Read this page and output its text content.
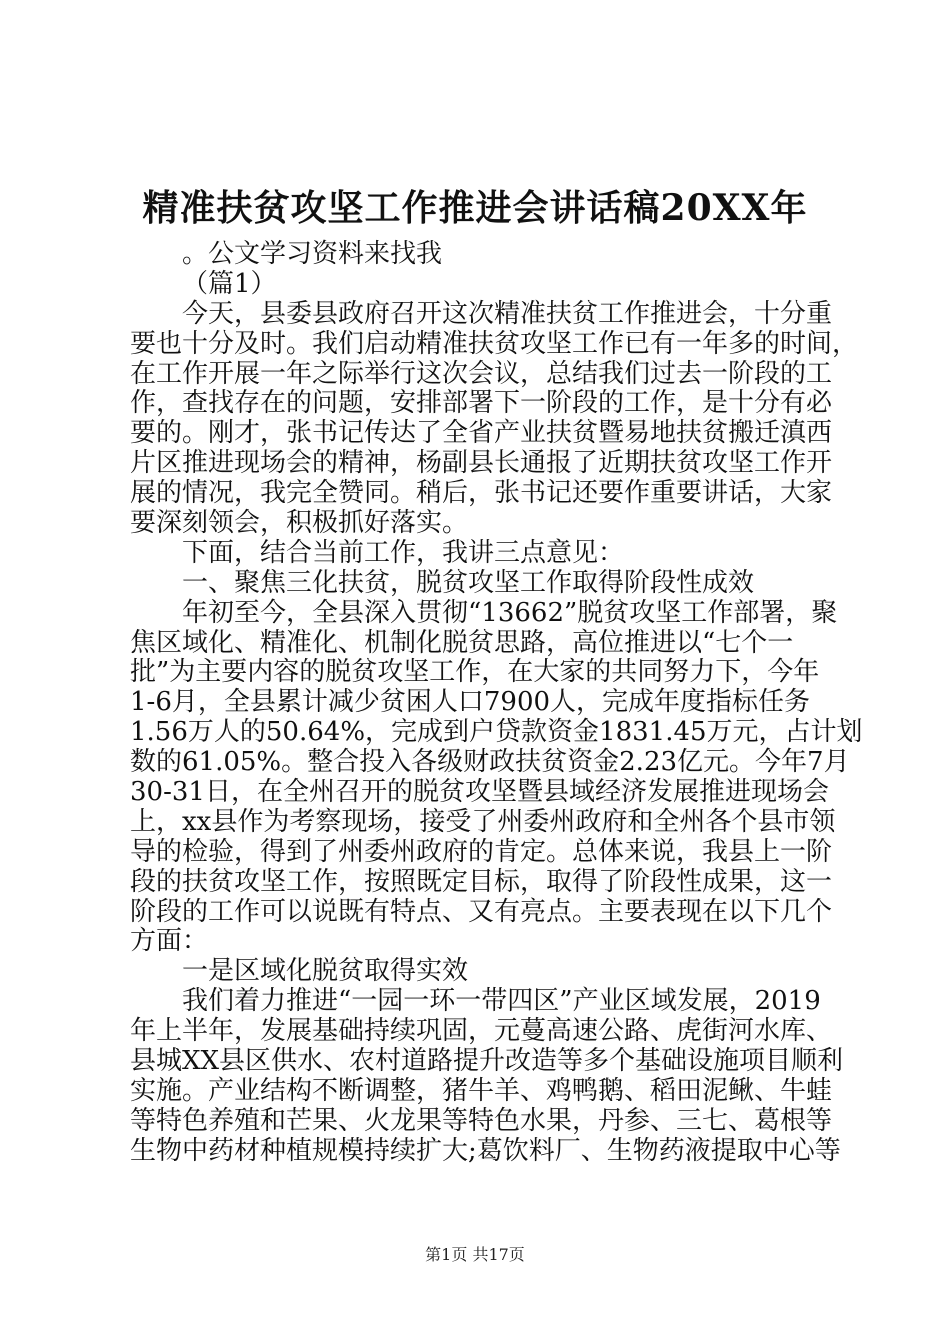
精准扶贫攻坚工作推进会讲话稿20XX年
。公文学习资料来找我
（篇1）
今天，县委县政府召开这次精准扶贫工作推进会，十分重
要也十分及时。我们启动精准扶贫攻坚工作已有一年多的时间，
在工作开展一年之际举行这次会议，总结我们过去一阶段的工
作，查找存在的问题，安排部署下一阶段的工作，是十分有必
要的。刚才，张书记传达了全省产业扶贫暨易地扶贫搬迁滇西
片区推进现场会的精神，杨副县长通报了近期扶贫攻坚工作开
展的情况，我完全赞同。稍后，张书记还要作重要讲话，大家
要深刻领会，积极抓好落实。
下面，结合当前工作，我讲三点意见：
一、聚焦三化扶贫，脱贫攻坚工作取得阶段性成效
年初至今，全县深入贯彻“13662”脱贫攻坚工作部署，聚
焦区域化、精准化、机制化脱贫思路，高位推进以“七个一
批”为主要内容的脱贫攻坚工作，在大家的共同努力下，今年
1-6月，全县累计减少贫困人口7900人，完成年度指标任务
1.56万人的50.64%，完成到户贷款资金1831.45万元，占计划
数的61.05%。整合投入各级财政扶贫资金2.23亿元。今年7月
30-31日，在全州召开的脱贫攻坚暨县域经济发展推进现场会
上，xx县作为考察现场，接受了州委州政府和全州各个县市领
导的检验，得到了州委州政府的肯定。总体来说，我县上一阶
段的扶贫攻坚工作，按照既定目标，取得了阶段性成果，这一
阶段的工作可以说既有特点、又有亮点。主要表现在以下几个
方面：
一是区域化脱贫取得实效
我们着力推进“一园一环一带四区”产业区域发展，2019
年上半年，发展基础持续巩固，元蔓高速公路、虎街河水库、
县城XX县区供水、农村道路提升改造等多个基础设施项目顺利
实施。产业结构不断调整，猪牛羊、鸡鸭鹅、稻田泥鳅、牛蛙
等特色养殖和芒果、火龙果等特色水果，丹参、三七、葛根等
生物中药材种植规模持续扩大;葛饮料厂、生物药液提取中心等
第1页 共17页
